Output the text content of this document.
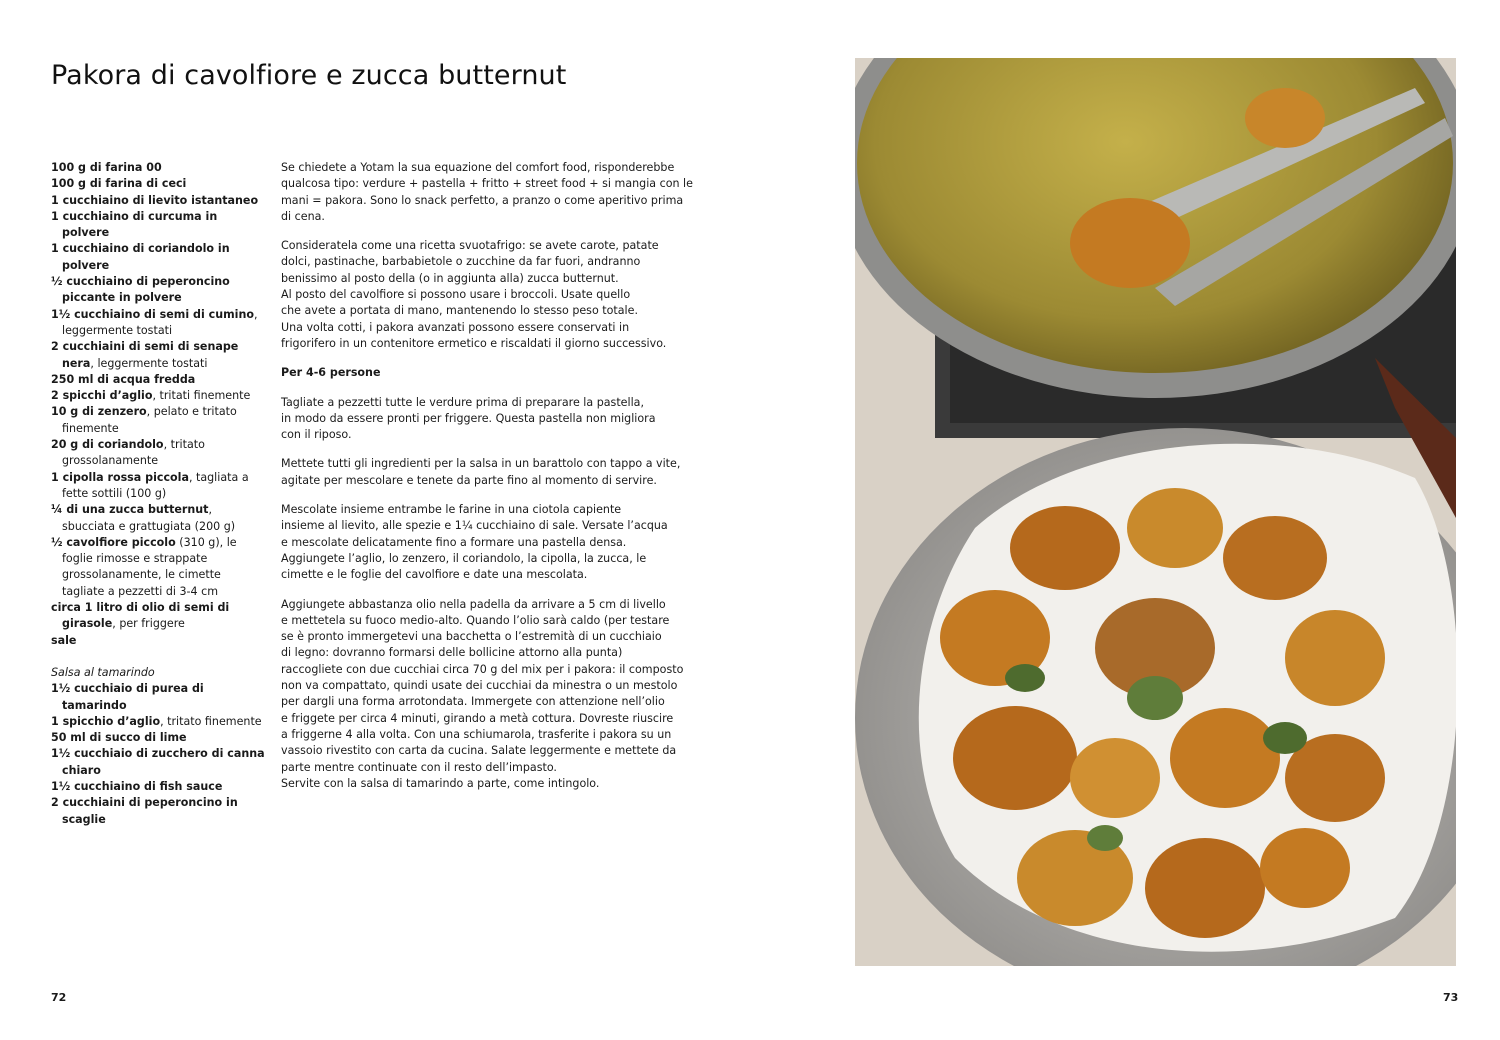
Pakora di cavolfiore e zucca butternut
100 g di farina 00
100 g di farina di ceci
1 cucchiaino di lievito istantaneo
1 cucchiaino di curcuma in polvere
1 cucchiaino di coriandolo in polvere
½ cucchiaino di peperoncino piccante in polvere
1½ cucchiaino di semi di cumino, leggermente tostati
2 cucchiaini di semi di senape nera, leggermente tostati
250 ml di acqua fredda
2 spicchi d’aglio, tritati finemente
10 g di zenzero, pelato e tritato finemente
20 g di coriandolo, tritato grossolanamente
1 cipolla rossa piccola, tagliata a fette sottili (100 g)
¼ di una zucca butternut, sbucciata e grattugiata (200 g)
½ cavolfiore piccolo (310 g), le foglie rimosse e strappate grossolanamente, le cimette tagliate a pezzetti di 3-4 cm
circa 1 litro di olio di semi di girasole, per friggere
sale
Salsa al tamarindo
1½ cucchiaio di purea di tamarindo
1 spicchio d’aglio, tritato finemente
50 ml di succo di lime
1½ cucchiaio di zucchero di canna chiaro
1½ cucchiaino di fish sauce
2 cucchiaini di peperoncino in scaglie

Se chiedete a Yotam la sua equazione del comfort food, risponderebbe
qualcosa tipo: verdure + pastella + fritto + street food + si mangia con le
mani = pakora. Sono lo snack perfetto, a pranzo o come aperitivo prima
di cena.

Consideratela come una ricetta svuotafrigo: se avete carote, patate
dolci, pastinache, barbabietole o zucchine da far fuori, andranno
benissimo al posto della (o in aggiunta alla) zucca butternut.
Al posto del cavolfiore si possono usare i broccoli. Usate quello
che avete a portata di mano, mantenendo lo stesso peso totale.
Una volta cotti, i pakora avanzati possono essere conservati in
frigorifero in un contenitore ermetico e riscaldati il giorno successivo.

Per 4-6 persone

Tagliate a pezzetti tutte le verdure prima di preparare la pastella,
in modo da essere pronti per friggere. Questa pastella non migliora
con il riposo.

Mettete tutti gli ingredienti per la salsa in un barattolo con tappo a vite,
agitate per mescolare e tenete da parte fino al momento di servire.

Mescolate insieme entrambe le farine in una ciotola capiente
insieme al lievito, alle spezie e 1¼ cucchiaino di sale. Versate l’acqua
e mescolate delicatamente fino a formare una pastella densa.
Aggiungete l’aglio, lo zenzero, il coriandolo, la cipolla, la zucca, le
cimette e le foglie del cavolfiore e date una mescolata.

Aggiungete abbastanza olio nella padella da arrivare a 5 cm di livello
e mettetela su fuoco medio-alto. Quando l’olio sarà caldo (per testare
se è pronto immergetevi una bacchetta o l’estremità di un cucchiaio
di legno: dovranno formarsi delle bollicine attorno alla punta)
raccogliete con due cucchiai circa 70 g del mix per i pakora: il composto
non va compattato, quindi usate dei cucchiai da minestra o un mestolo
per dargli una forma arrotondata. Immergete con attenzione nell’olio
e friggete per circa 4 minuti, girando a metà cottura. Dovreste riuscire
a friggerne 4 alla volta. Con una schiumarola, trasferite i pakora su un
vassoio rivestito con carta da cucina. Salate leggermente e mettete da
parte mentre continuate con il resto dell’impasto.
Servite con la salsa di tamarindo a parte, come intingolo.

72	73
